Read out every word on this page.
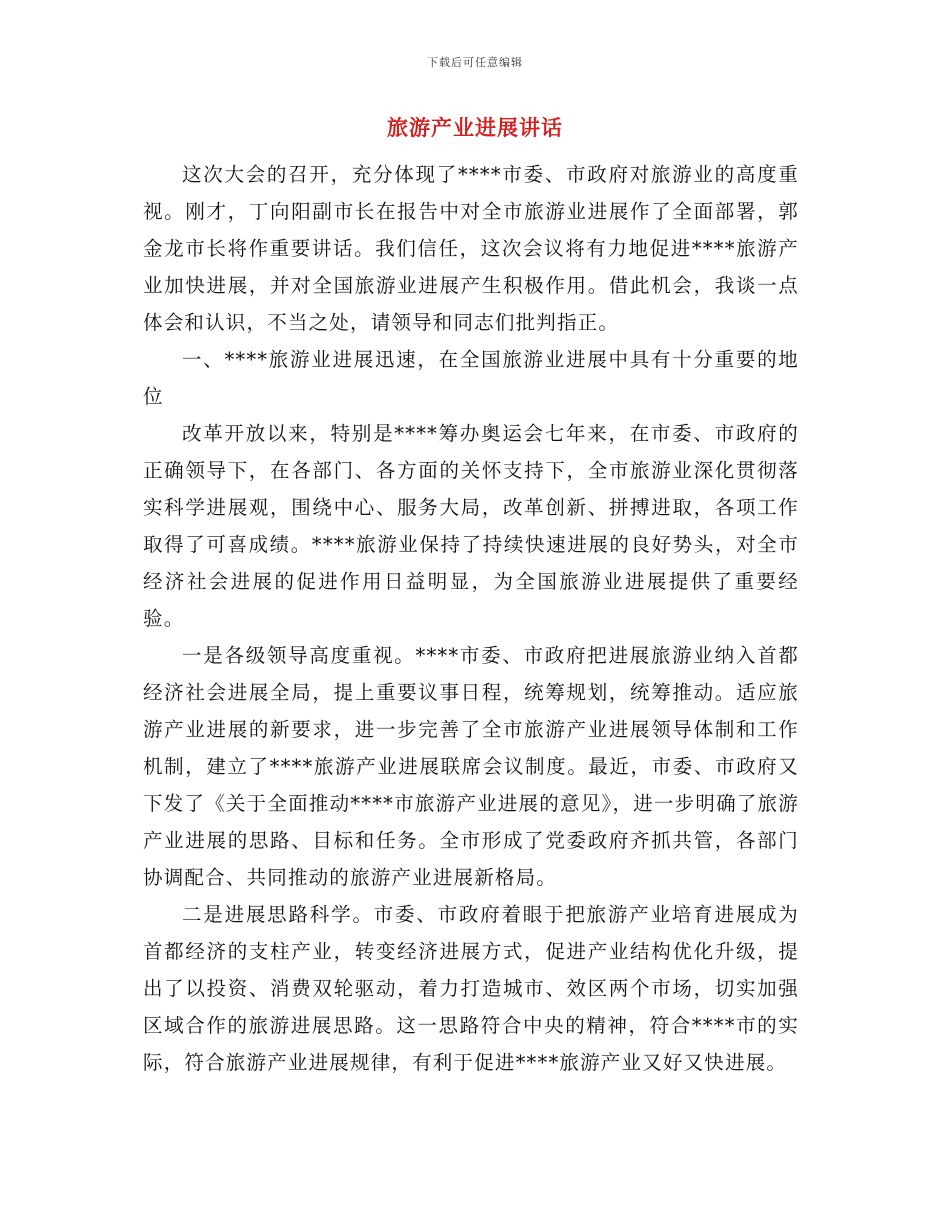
下载后可任意编辑
旅游产业进展讲话

这次大会的召开，充分体现了****市委、市政府对旅游业的高度重视。刚才，丁向阳副市长在报告中对全市旅游业进展作了全面部署，郭金龙市长将作重要讲话。我们信任，这次会议将有力地促进****旅游产业加快进展，并对全国旅游业进展产生积极作用。借此机会，我谈一点体会和认识，不当之处，请领导和同志们批判指正。

一、****旅游业进展迅速，在全国旅游业进展中具有十分重要的地位

改革开放以来，特别是****筹办奥运会七年来，在市委、市政府的正确领导下，在各部门、各方面的关怀支持下，全市旅游业深化贯彻落实科学进展观，围绕中心、服务大局，改革创新、拼搏进取，各项工作取得了可喜成绩。****旅游业保持了持续快速进展的良好势头，对全市经济社会进展的促进作用日益明显，为全国旅游业进展提供了重要经验。

一是各级领导高度重视。****市委、市政府把进展旅游业纳入首都经济社会进展全局，提上重要议事日程，统筹规划，统筹推动。适应旅游产业进展的新要求，进一步完善了全市旅游产业进展领导体制和工作机制，建立了****旅游产业进展联席会议制度。最近，市委、市政府又下发了《关于全面推动****市旅游产业进展的意见》，进一步明确了旅游产业进展的思路、目标和任务。全市形成了党委政府齐抓共管，各部门协调配合、共同推动的旅游产业进展新格局。

二是进展思路科学。市委、市政府着眼于把旅游产业培育进展成为首都经济的支柱产业，转变经济进展方式，促进产业结构优化升级，提出了以投资、消费双轮驱动，着力打造城市、效区两个市场，切实加强区域合作的旅游进展思路。这一思路符合中央的精神，符合****市的实际，符合旅游产业进展规律，有利于促进****旅游产业又好又快进展。
